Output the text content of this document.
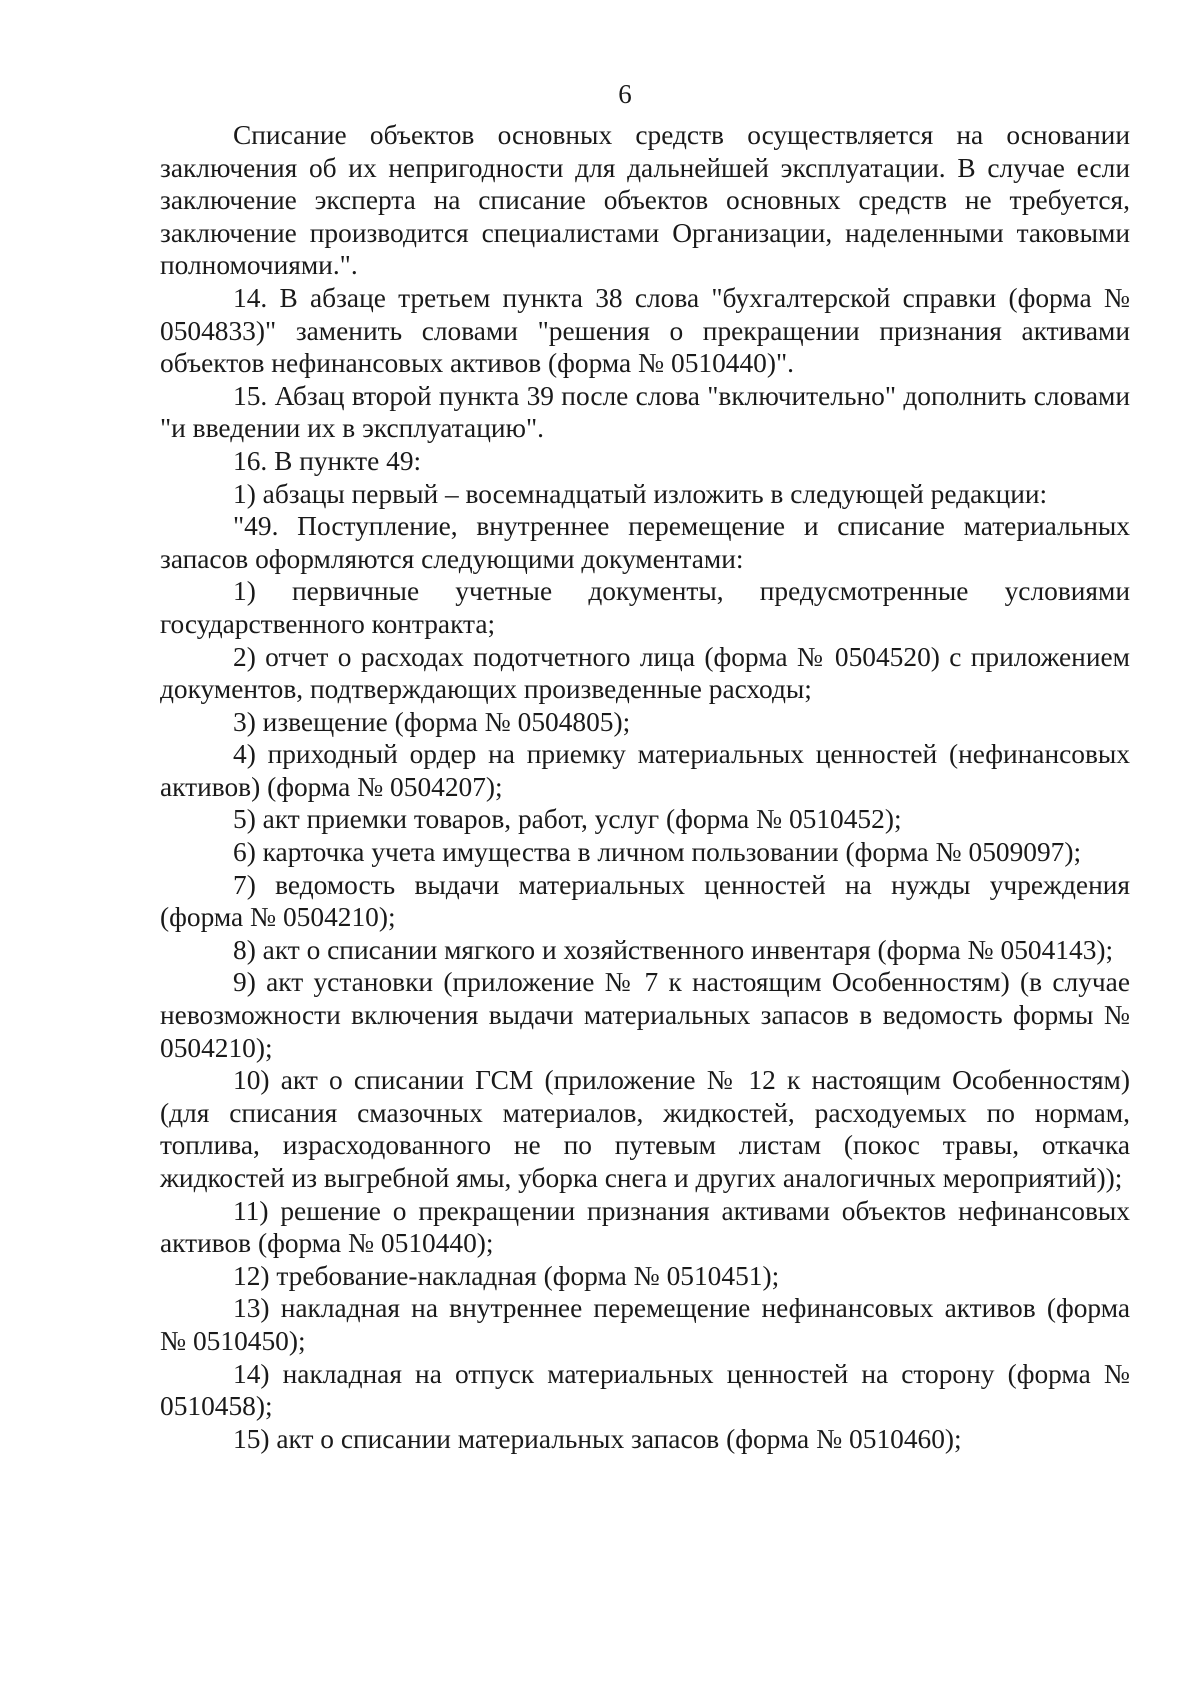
6

Списание объектов основных средств осуществляется на основании заключения об их непригодности для дальнейшей эксплуатации. В случае если заключение эксперта на списание объектов основных средств не требуется, заключение производится специалистами Организации, наделенными таковыми полномочиями.".

14. В абзаце третьем пункта 38 слова "бухгалтерской справки (форма № 0504833)" заменить словами "решения о прекращении признания активами объектов нефинансовых активов (форма № 0510440)".

15. Абзац второй пункта 39 после слова "включительно" дополнить словами "и введении их в эксплуатацию".

16. В пункте 49:

1) абзацы первый – восемнадцатый изложить в следующей редакции:

"49. Поступление, внутреннее перемещение и списание материальных запасов оформляются следующими документами:

1) первичные учетные документы, предусмотренные условиями государственного контракта;

2) отчет о расходах подотчетного лица (форма № 0504520) с приложением документов, подтверждающих произведенные расходы;

3) извещение (форма № 0504805);

4) приходный ордер на приемку материальных ценностей (нефинансовых активов) (форма № 0504207);

5) акт приемки товаров, работ, услуг (форма № 0510452);

6) карточка учета имущества в личном пользовании (форма № 0509097);

7) ведомость выдачи материальных ценностей на нужды учреждения (форма № 0504210);

8) акт о списании мягкого и хозяйственного инвентаря (форма № 0504143);

9) акт установки (приложение № 7 к настоящим Особенностям) (в случае невозможности включения выдачи материальных запасов в ведомость формы № 0504210);

10) акт о списании ГСМ (приложение № 12 к настоящим Особенностям) (для списания смазочных материалов, жидкостей, расходуемых по нормам, топлива, израсходованного не по путевым листам (покос травы, откачка жидкостей из выгребной ямы, уборка снега и других аналогичных мероприятий));

11) решение о прекращении признания активами объектов нефинансовых активов (форма № 0510440);

12) требование-накладная (форма № 0510451);

13) накладная на внутреннее перемещение нефинансовых активов (форма № 0510450);

14) накладная на отпуск материальных ценностей на сторону (форма № 0510458);

15) акт о списании материальных запасов (форма № 0510460);
